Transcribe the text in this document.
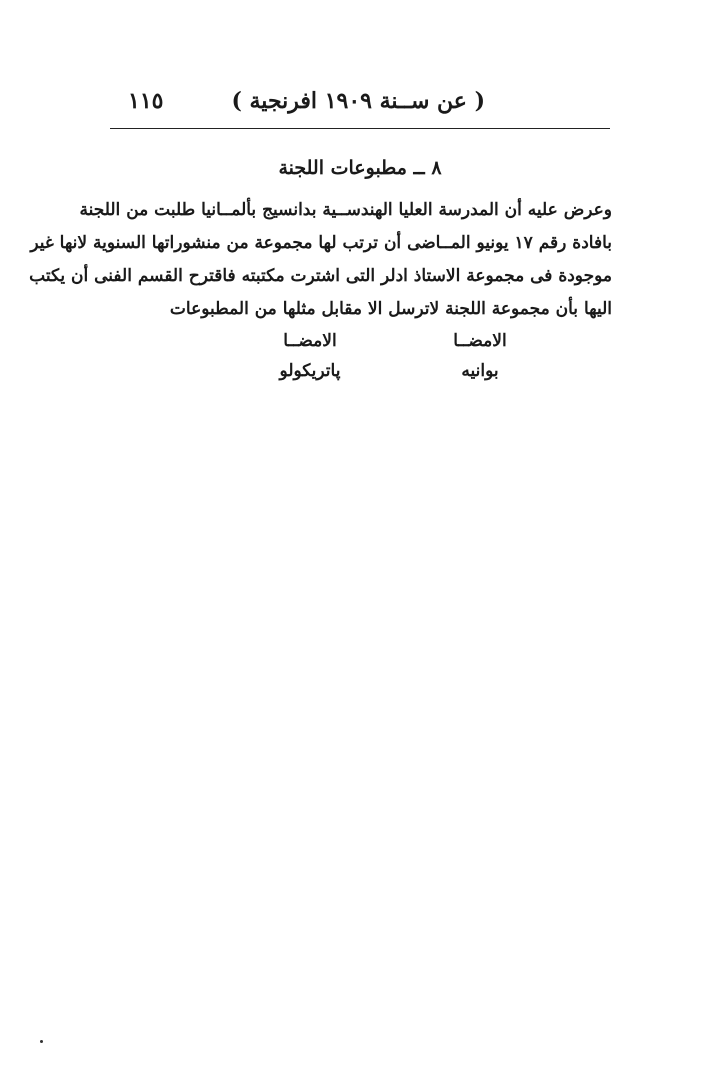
( عن ســنة ١٩٠٩ افرنجية )
١١٥
٨ ــ مطبوعات اللجنة
وعرض عليه أن المدرسة العليا الهندســية بدانسيج بألمــانيا طلبت من اللجنة
بافادة رقم ١٧ يونيو المــاضى أن ترتب لها مجموعة من منشوراتها السنوية لانها غير
موجودة فى مجموعة الاستاذ ادلر التى اشترت مكتبته فاقترح القسم الفنى أن يكتب
اليها بأن مجموعة اللجنة لاترسل الا مقابل مثلها من المطبوعات
الامضــا
بوانيه
الامضــا
پاتريكولو
